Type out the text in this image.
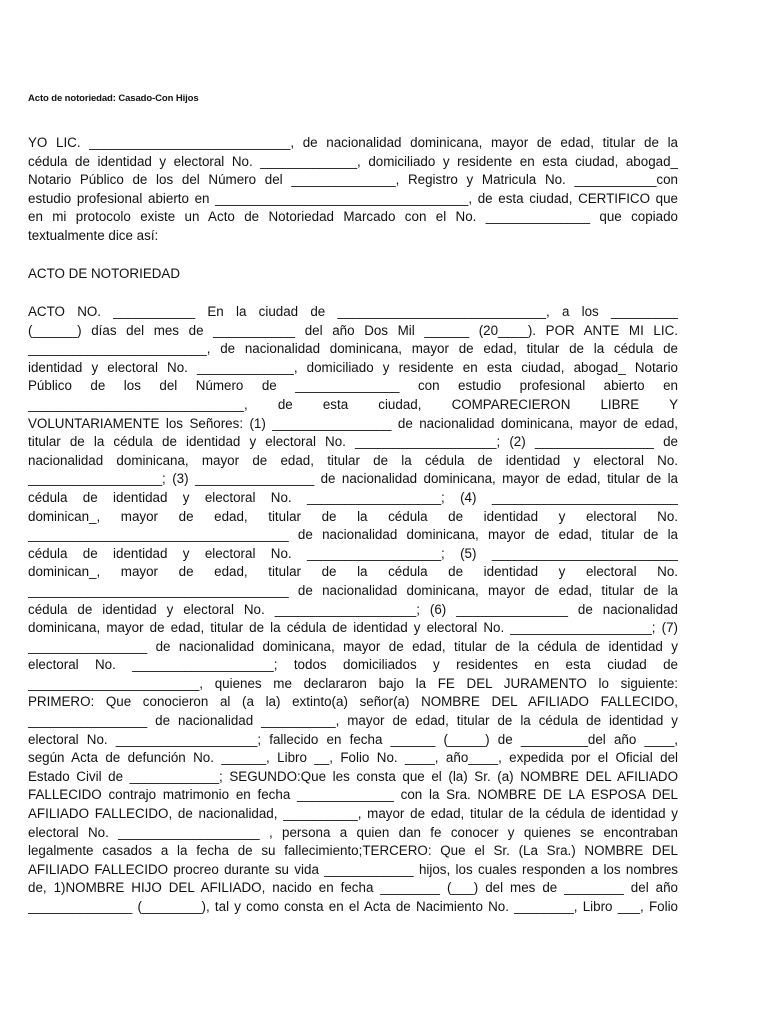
Acto de notoriedad: Casado-Con Hijos
YO LIC. ___________________________, de nacionalidad dominicana, mayor de edad, titular de la
cédula de identidad y electoral No. _____________, domiciliado y residente en esta ciudad, abogad_
Notario Público de los del Número del ______________, Registro y Matricula No. ___________con
estudio profesional abierto en __________________________________, de esta ciudad, CERTIFICO que
en mi protocolo existe un Acto de Notoriedad Marcado con el No. ______________ que copiado
textualmente dice así:
ACTO DE NOTORIEDAD
ACTO NO. ___________ En la ciudad de ____________________________, a los _________
(______) días del mes de ___________ del año Dos Mil ______ (20____). POR ANTE MI LIC.
________________________, de nacionalidad dominicana, mayor de edad, titular de la cédula de
identidad y electoral No. _____________, domiciliado y residente en esta ciudad, abogad_ Notario
Público de los del Número de ______________ con estudio profesional abierto en
_____________________________, de esta ciudad, COMPARECIERON LIBRE Y
VOLUNTARIAMENTE los Señores: (1) ________________ de nacionalidad dominicana, mayor de edad,
titular de la cédula de identidad y electoral No. ___________________; (2) ________________ de
nacionalidad dominicana, mayor de edad, titular de la cédula de identidad y electoral No.
__________________; (3) ________________ de nacionalidad dominicana, mayor de edad, titular de la
cédula de identidad y electoral No. __________________; (4) _________________________
dominican_, mayor de edad, titular de la cédula de identidad y electoral No.
___________________________________ de nacionalidad dominicana, mayor de edad, titular de la
cédula de identidad y electoral No. __________________; (5) _________________________
dominican_, mayor de edad, titular de la cédula de identidad y electoral No.
___________________________________ de nacionalidad dominicana, mayor de edad, titular de la
cédula de identidad y electoral No. ___________________; (6) _______________ de nacionalidad
dominicana, mayor de edad, titular de la cédula de identidad y electoral No. ___________________; (7)
________________ de nacionalidad dominicana, mayor de edad, titular de la cédula de identidad y
electoral No. ___________________; todos domiciliados y residentes en esta ciudad de
_______________________, quienes me declararon bajo la FE DEL JURAMENTO lo siguiente:
PRIMERO: Que conocieron al (a la) extinto(a) señor(a) NOMBRE DEL AFILIADO FALLECIDO,
________________ de nacionalidad __________, mayor de edad, titular de la cédula de identidad y
electoral No. ___________________; fallecido en fecha ______ (_____) de _________del año ____,
según Acta de defunción No. ______, Libro __, Folio No. ____, año____, expedida por el Oficial del
Estado Civil de ____________; SEGUNDO:Que les consta que el (la) Sr. (a) NOMBRE DEL AFILIADO
FALLECIDO contrajo matrimonio en fecha _____________ con la Sra. NOMBRE DE LA ESPOSA DEL
AFILIADO FALLECIDO, de nacionalidad, __________, mayor de edad, titular de la cédula de identidad y
electoral No. ___________________ , persona a quien dan fe conocer y quienes se encontraban
legalmente casados a la fecha de su fallecimiento;TERCERO: Que el Sr. (La Sra.) NOMBRE DEL
AFILIADO FALLECIDO procreo durante su vida ____________ hijos, los cuales responden a los nombres
de, 1)NOMBRE HIJO DEL AFILIADO, nacido en fecha ________ (___) del mes de ________ del año
______________ (________), tal y como consta en el Acta de Nacimiento No. ________, Libro ___, Folio
